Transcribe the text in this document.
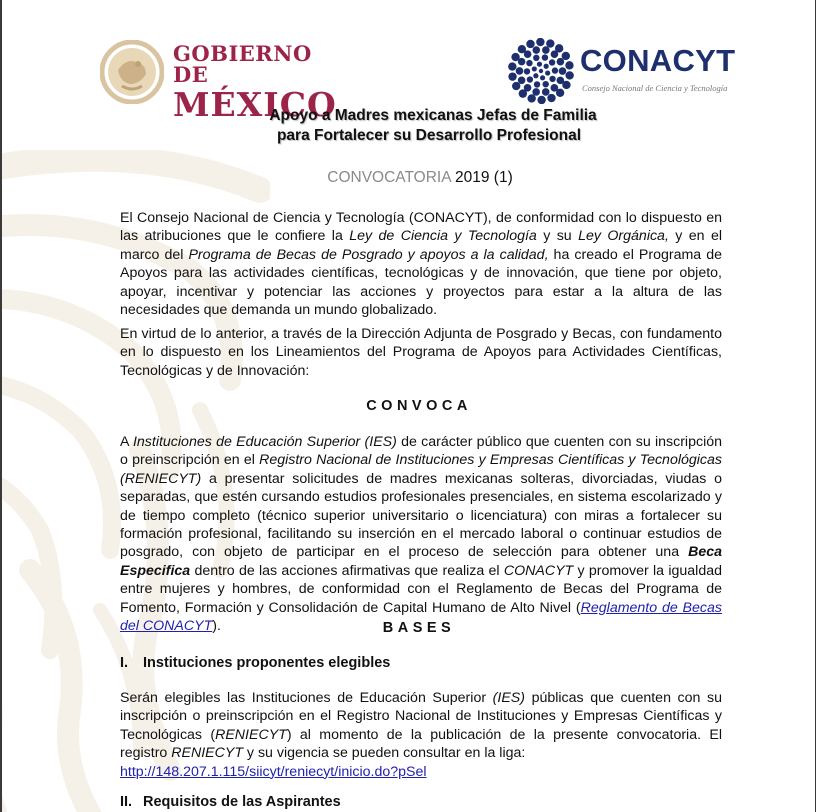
GOBIERNO DE
MÉXICO
CONACYT
Consejo Nacional de Ciencia y Tecnología
Apoyo a Madres mexicanas Jefas de Familia
para Fortalecer su Desarrollo Profesional
CONVOCATORIA 2019 (1)
El Consejo Nacional de Ciencia y Tecnología (CONACYT), de conformidad con lo dispuesto en las atribuciones que le confiere la Ley de Ciencia y Tecnología y su Ley Orgánica, y en el marco del Programa de Becas de Posgrado y apoyos a la calidad, ha creado el Programa de Apoyos para las actividades científicas, tecnológicas y de innovación, que tiene por objeto, apoyar, incentivar y potenciar las acciones y proyectos para estar a la altura de las necesidades que demanda un mundo globalizado.
En virtud de lo anterior, a través de la Dirección Adjunta de Posgrado y Becas, con fundamento en lo dispuesto en los Lineamientos del Programa de Apoyos para Actividades Científicas, Tecnológicas y de Innovación:
CONVOCA
A Instituciones de Educación Superior (IES) de carácter público que cuenten con su inscripción o preinscripción en el Registro Nacional de Instituciones y Empresas Científicas y Tecnológicas (RENIECYT) a presentar solicitudes de madres mexicanas solteras, divorciadas, viudas o separadas, que estén cursando estudios profesionales presenciales, en sistema escolarizado y de tiempo completo (técnico superior universitario o licenciatura) con miras a fortalecer su formación profesional, facilitando su inserción en el mercado laboral o continuar estudios de posgrado, con objeto de participar en el proceso de selección para obtener una Beca Especifica dentro de las acciones afirmativas que realiza el CONACYT y promover la igualdad entre mujeres y hombres, de conformidad con el Reglamento de Becas del Programa de Fomento, Formación y Consolidación de Capital Humano de Alto Nivel (Reglamento de Becas del CONACYT).	BASES
I. Instituciones proponentes elegibles
Serán elegibles las Instituciones de Educación Superior (IES) públicas que cuenten con su inscripción o preinscripción en el Registro Nacional de Instituciones y Empresas Científicas y Tecnológicas (RENIECYT) al momento de la publicación de la presente convocatoria. El registro RENIECYT y su vigencia se pueden consultar en la liga:
http://148.207.1.115/siicyt/reniecyt/inicio.do?pSel
II. Requisitos de las Aspirantes
